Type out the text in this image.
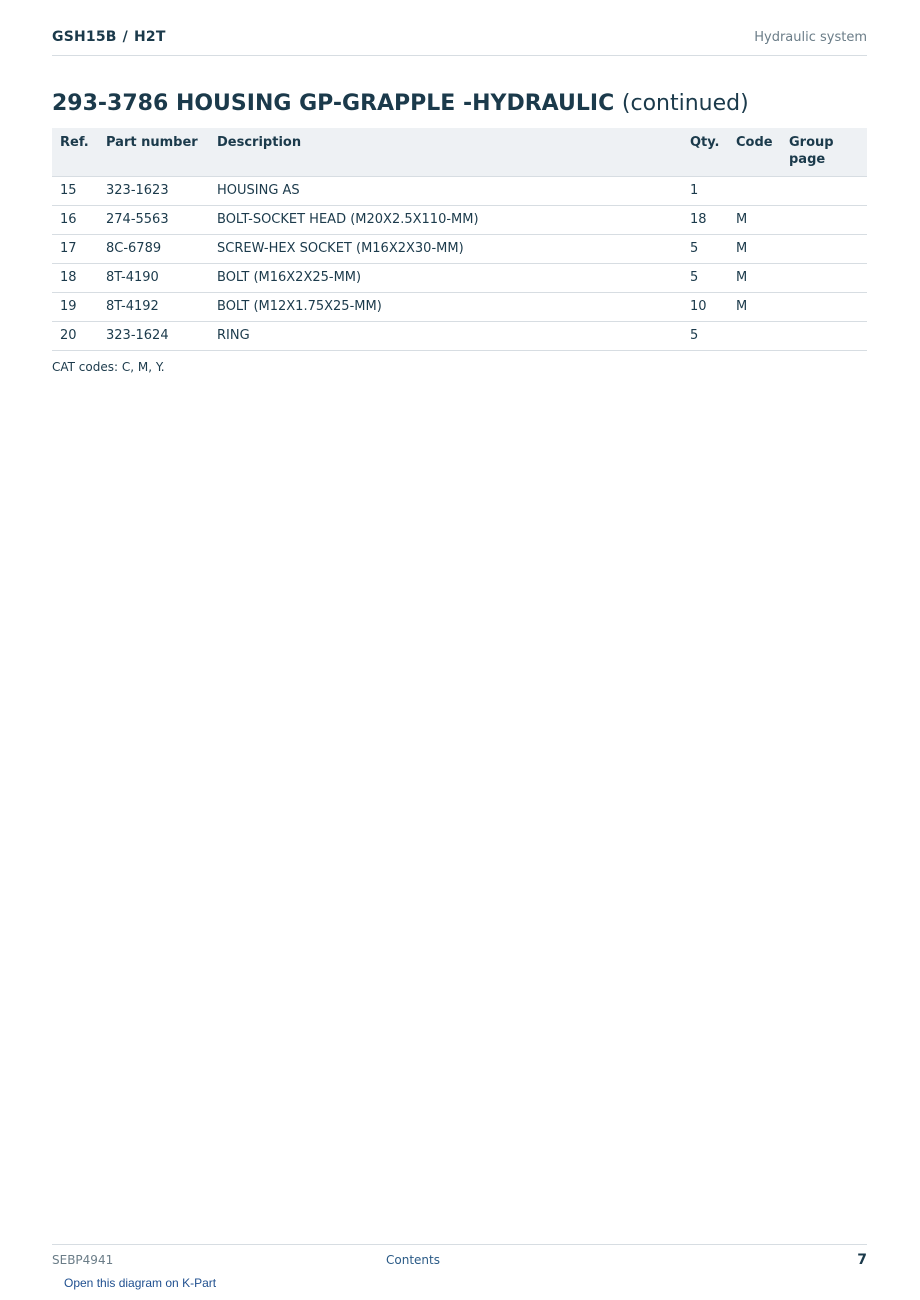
GSH15B / H2T	Hydraulic system
293-3786 HOUSING GP-GRAPPLE -HYDRAULIC (continued)
Ref.	Part number	Description	Qty.	Code	Group page
15	323-1623	HOUSING AS	1		
16	274-5563	BOLT-SOCKET HEAD (M20X2.5X110-MM)	18	M	
17	8C-6789	SCREW-HEX SOCKET (M16X2X30-MM)	5	M	
18	8T-4190	BOLT (M16X2X25-MM)	5	M	
19	8T-4192	BOLT (M12X1.75X25-MM)	10	M	
20	323-1624	RING	5		
CAT codes: C, M, Y.
SEBP4941	Contents	7
Open this diagram on K-Part
